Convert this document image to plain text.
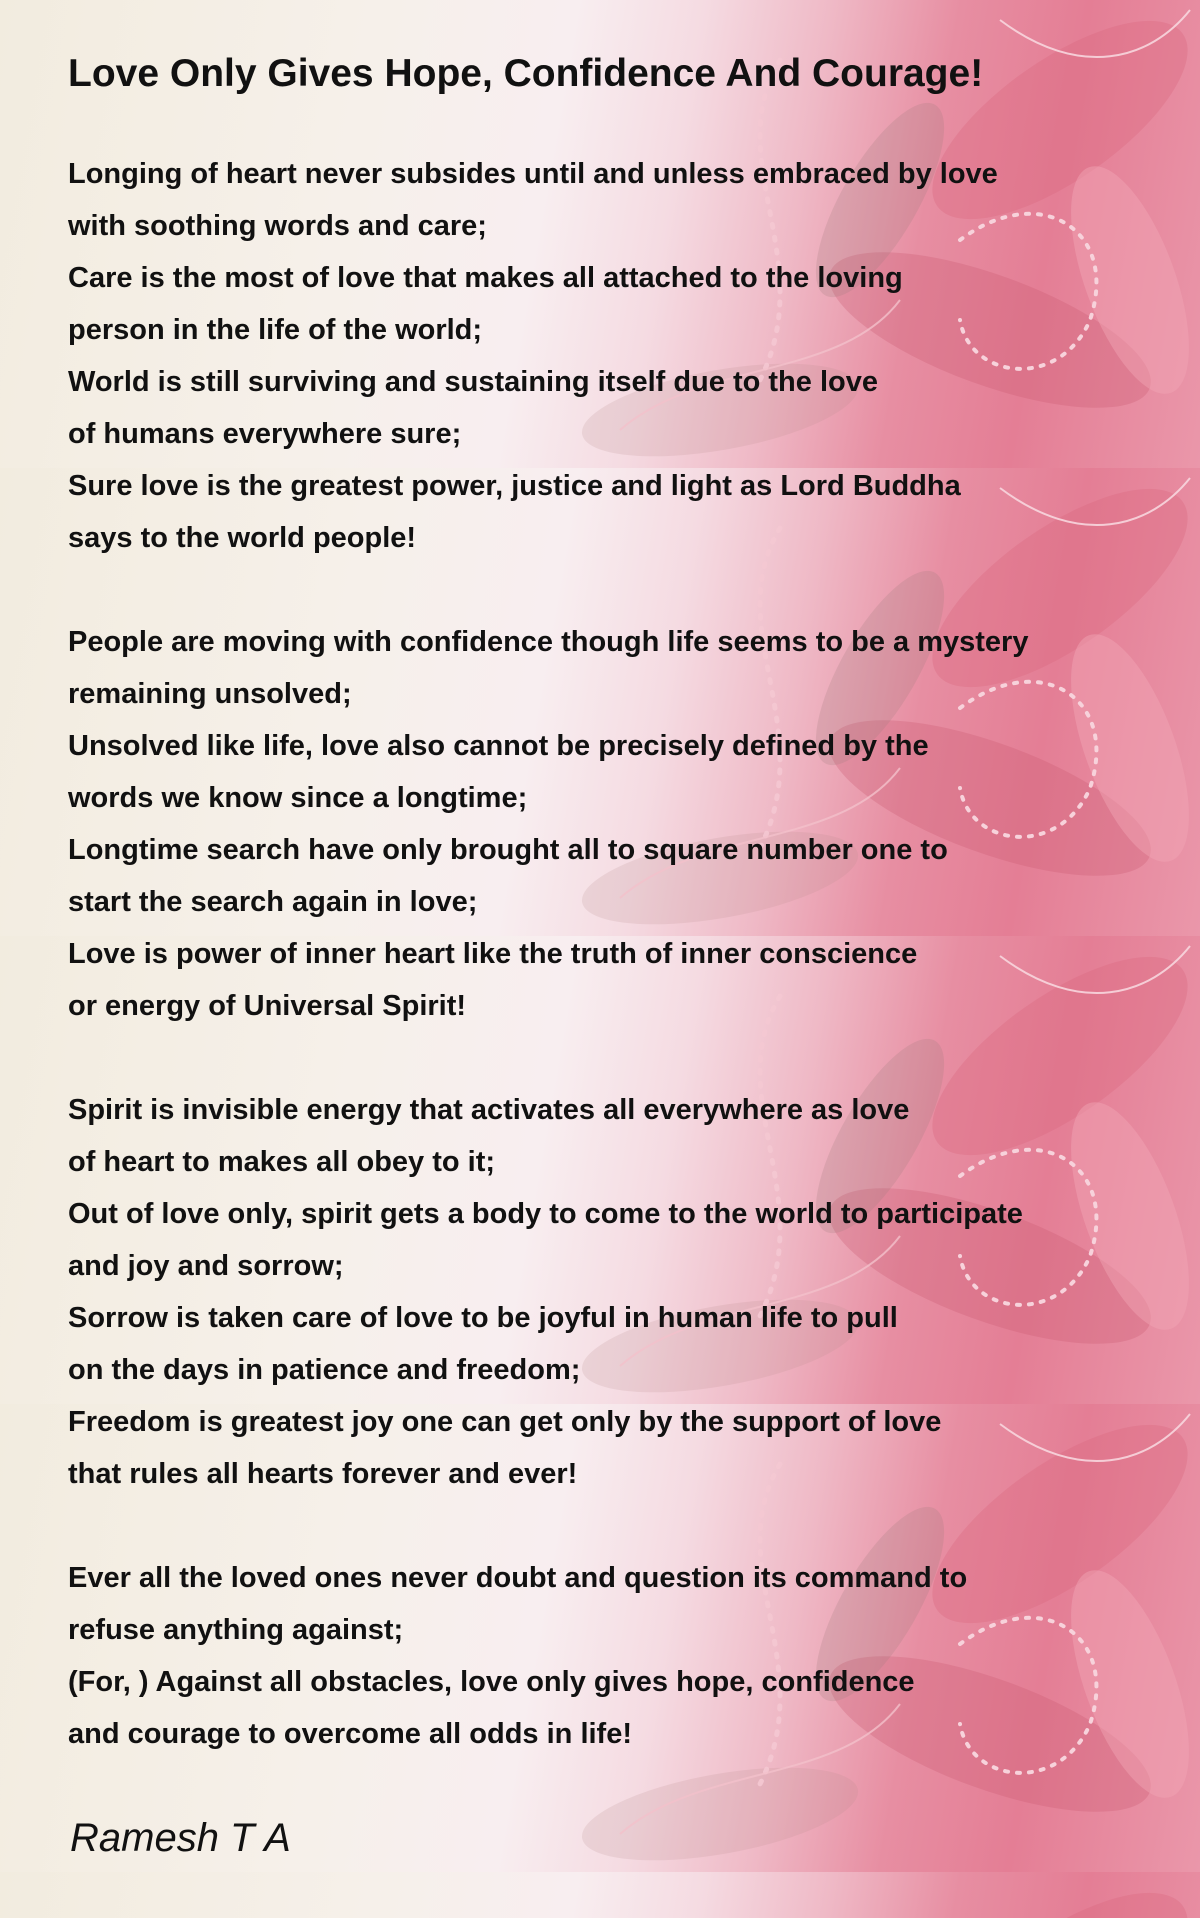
Love Only Gives Hope, Confidence And Courage!
Longing of heart never subsides until and unless embraced by love
with soothing words and care;
Care is the most of love that makes all attached to the loving
person in the life of the world;
World is still surviving and sustaining itself due to the love
of humans everywhere sure;
Sure love is the greatest power, justice and light as Lord Buddha
says to the world people!
People are moving with confidence though life seems to be a mystery
remaining unsolved;
Unsolved like life, love also cannot be precisely defined by the
words we know since a longtime;
Longtime search have only brought all to square number one to
start the search again in love;
Love is power of inner heart like the truth of inner conscience
or energy of Universal Spirit!
Spirit is invisible energy that activates all everywhere as love
of heart to makes all obey to it;
Out of love only, spirit gets a body to come to the world to participate
and joy and sorrow;
Sorrow is taken care of love to be joyful in human life to pull
on the days in patience and freedom;
Freedom is greatest joy one can get only by the support of love
that rules all hearts forever and ever!
Ever all the loved ones never doubt and question its command to
refuse anything against;
(For, ) Against all obstacles, love only gives hope, confidence
and courage to overcome all odds in life!
Ramesh T A
